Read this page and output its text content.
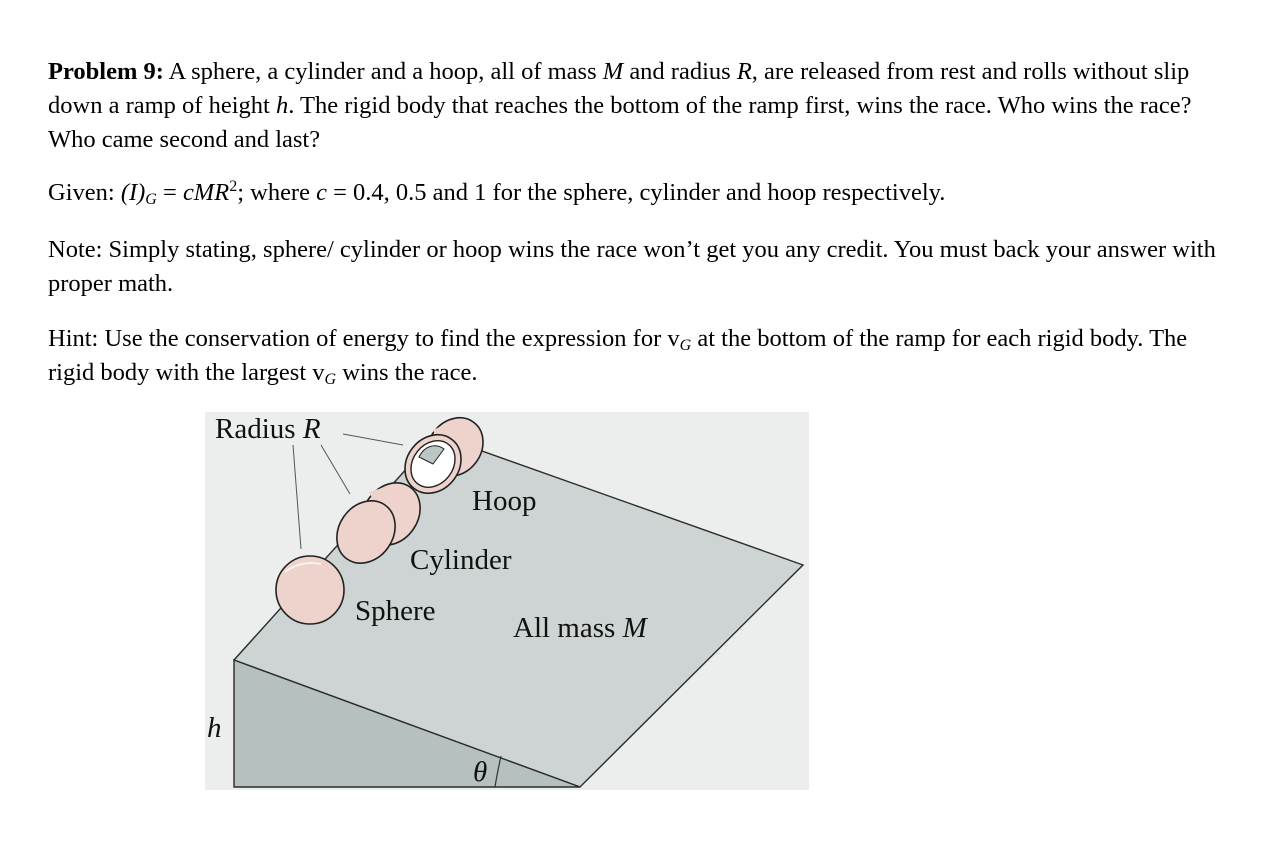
Problem 9: A sphere, a cylinder and a hoop, all of mass M and radius R, are released from rest and rolls without slip down a ramp of height h. The rigid body that reaches the bottom of the ramp first, wins the race. Who wins the race? Who came second and last?

Given: $(I)_G = cMR^2$; where c = 0.4, 0.5 and 1 for the sphere, cylinder and hoop respectively.

Note: Simply stating, sphere/ cylinder or hoop wins the race won’t get you any credit. You must back your answer with proper math.

Hint: Use the conservation of energy to find the expression for $v_G$ at the bottom of the ramp for each rigid body. The rigid body with the largest $v_G$ wins the race.

Radius R
Hoop
Cylinder
Sphere
All mass M
h
θ
